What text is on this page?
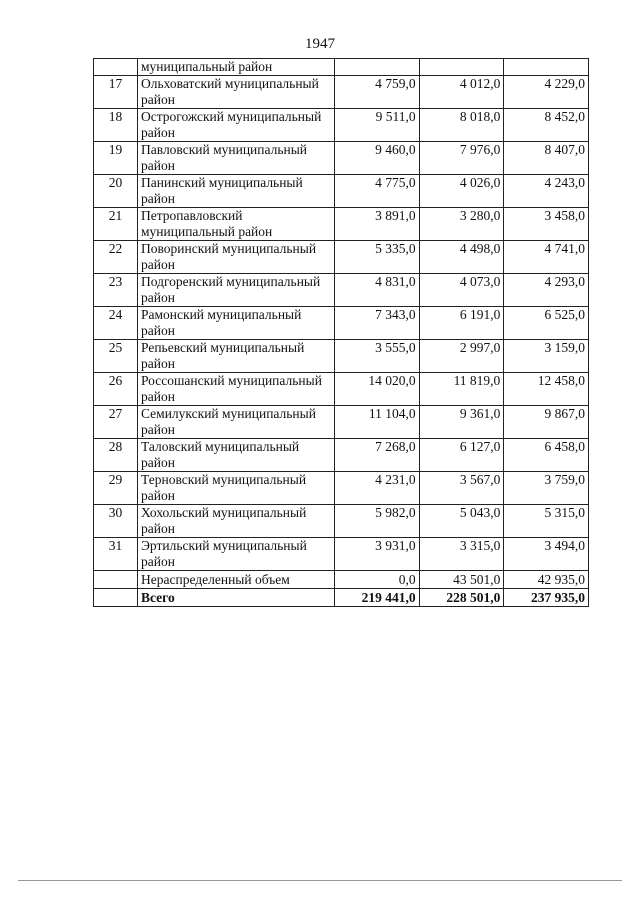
1947
	муниципальный район			
17	Ольховатский муниципальный район	4 759,0	4 012,0	4 229,0
18	Острогожский муниципальный район	9 511,0	8 018,0	8 452,0
19	Павловский муниципальный район	9 460,0	7 976,0	8 407,0
20	Панинский муниципальный район	4 775,0	4 026,0	4 243,0
21	Петропавловский муниципальный район	3 891,0	3 280,0	3 458,0
22	Поворинский муниципальный район	5 335,0	4 498,0	4 741,0
23	Подгоренский муниципальный район	4 831,0	4 073,0	4 293,0
24	Рамонский муниципальный район	7 343,0	6 191,0	6 525,0
25	Репьевский муниципальный район	3 555,0	2 997,0	3 159,0
26	Россошанский муниципальный район	14 020,0	11 819,0	12 458,0
27	Семилукский муниципальный район	11 104,0	9 361,0	9 867,0
28	Таловский муниципальный район	7 268,0	6 127,0	6 458,0
29	Терновский муниципальный район	4 231,0	3 567,0	3 759,0
30	Хохольский муниципальный район	5 982,0	5 043,0	5 315,0
31	Эртильский муниципальный район	3 931,0	3 315,0	3 494,0
	Нераспределенный объем	0,0	43 501,0	42 935,0
	Всего	219 441,0	228 501,0	237 935,0
